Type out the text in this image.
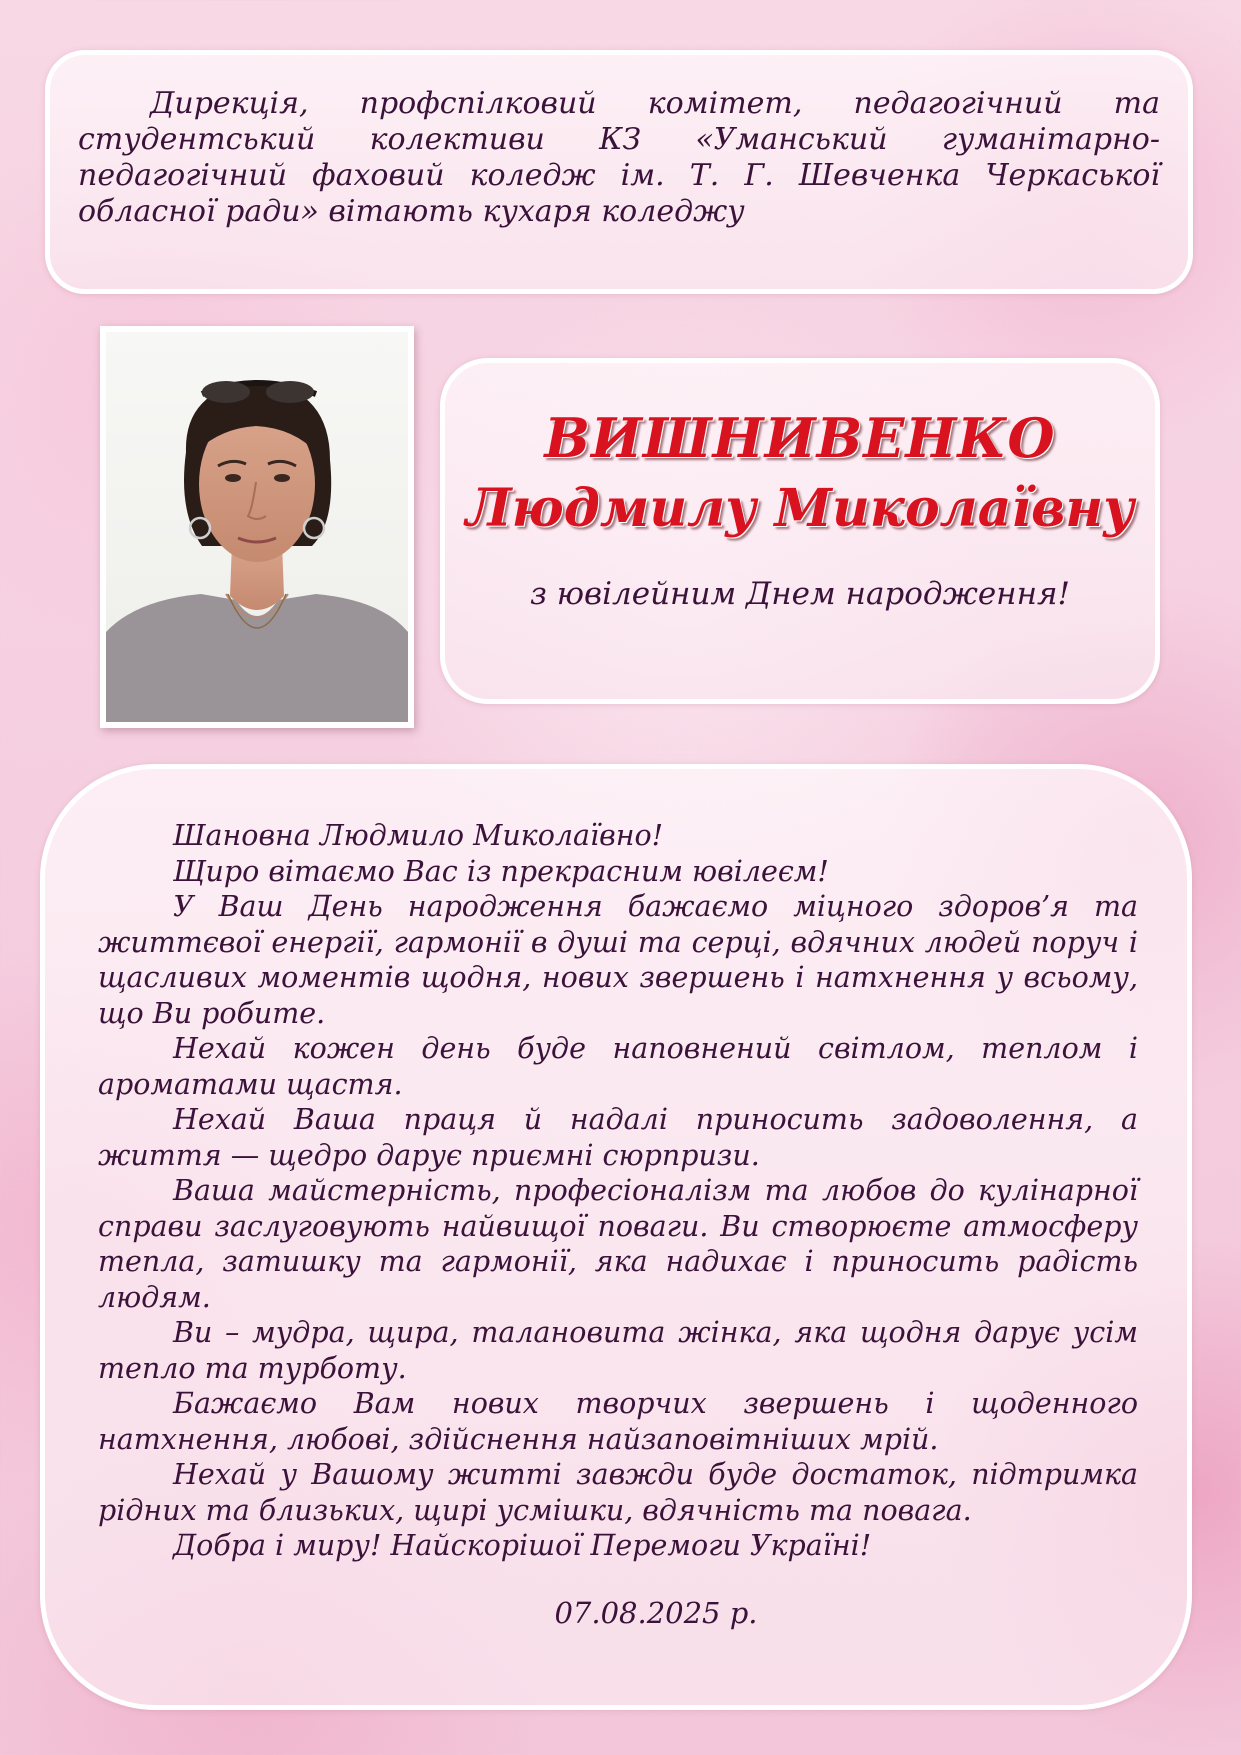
Дирекція, профспілковий комітет, педагогічний та студентський колективи КЗ «Уманський гуманітарно-педагогічний фаховий коледж ім. Т. Г. Шевченка Черкаської обласної ради» вітають кухаря коледжу

ВИШНИВЕНКО

Людмилу Миколаївну

з ювілейним Днем народження!

Шановна Людмило Миколаївно!

Щиро вітаємо Вас із прекрасним ювілеєм!

У Ваш День народження бажаємо міцного здоров’я та життєвої енергії, гармонії в душі та серці, вдячних людей поруч і щасливих моментів щодня, нових звершень і натхнення у всьому, що Ви робите.

Нехай кожен день буде наповнений світлом, теплом і ароматами щастя.

Нехай Ваша праця й надалі приносить задоволення, а життя — щедро дарує приємні сюрпризи.

Ваша майстерність, професіоналізм та любов до кулінарної справи заслуговують найвищої поваги. Ви створюєте атмосферу тепла, затишку та гармонії, яка надихає і приносить радість людям.

Ви – мудра, щира, талановита жінка, яка щодня дарує усім тепло та турботу.

Бажаємо Вам нових творчих звершень і щоденного натхнення, любові, здійснення найзаповітніших мрій.

Нехай у Вашому житті завжди буде достаток, підтримка рідних та близьких, щирі усмішки, вдячність та повага.

Добра і миру! Найскорішої Перемоги Україні!

07.08.2025 р.
